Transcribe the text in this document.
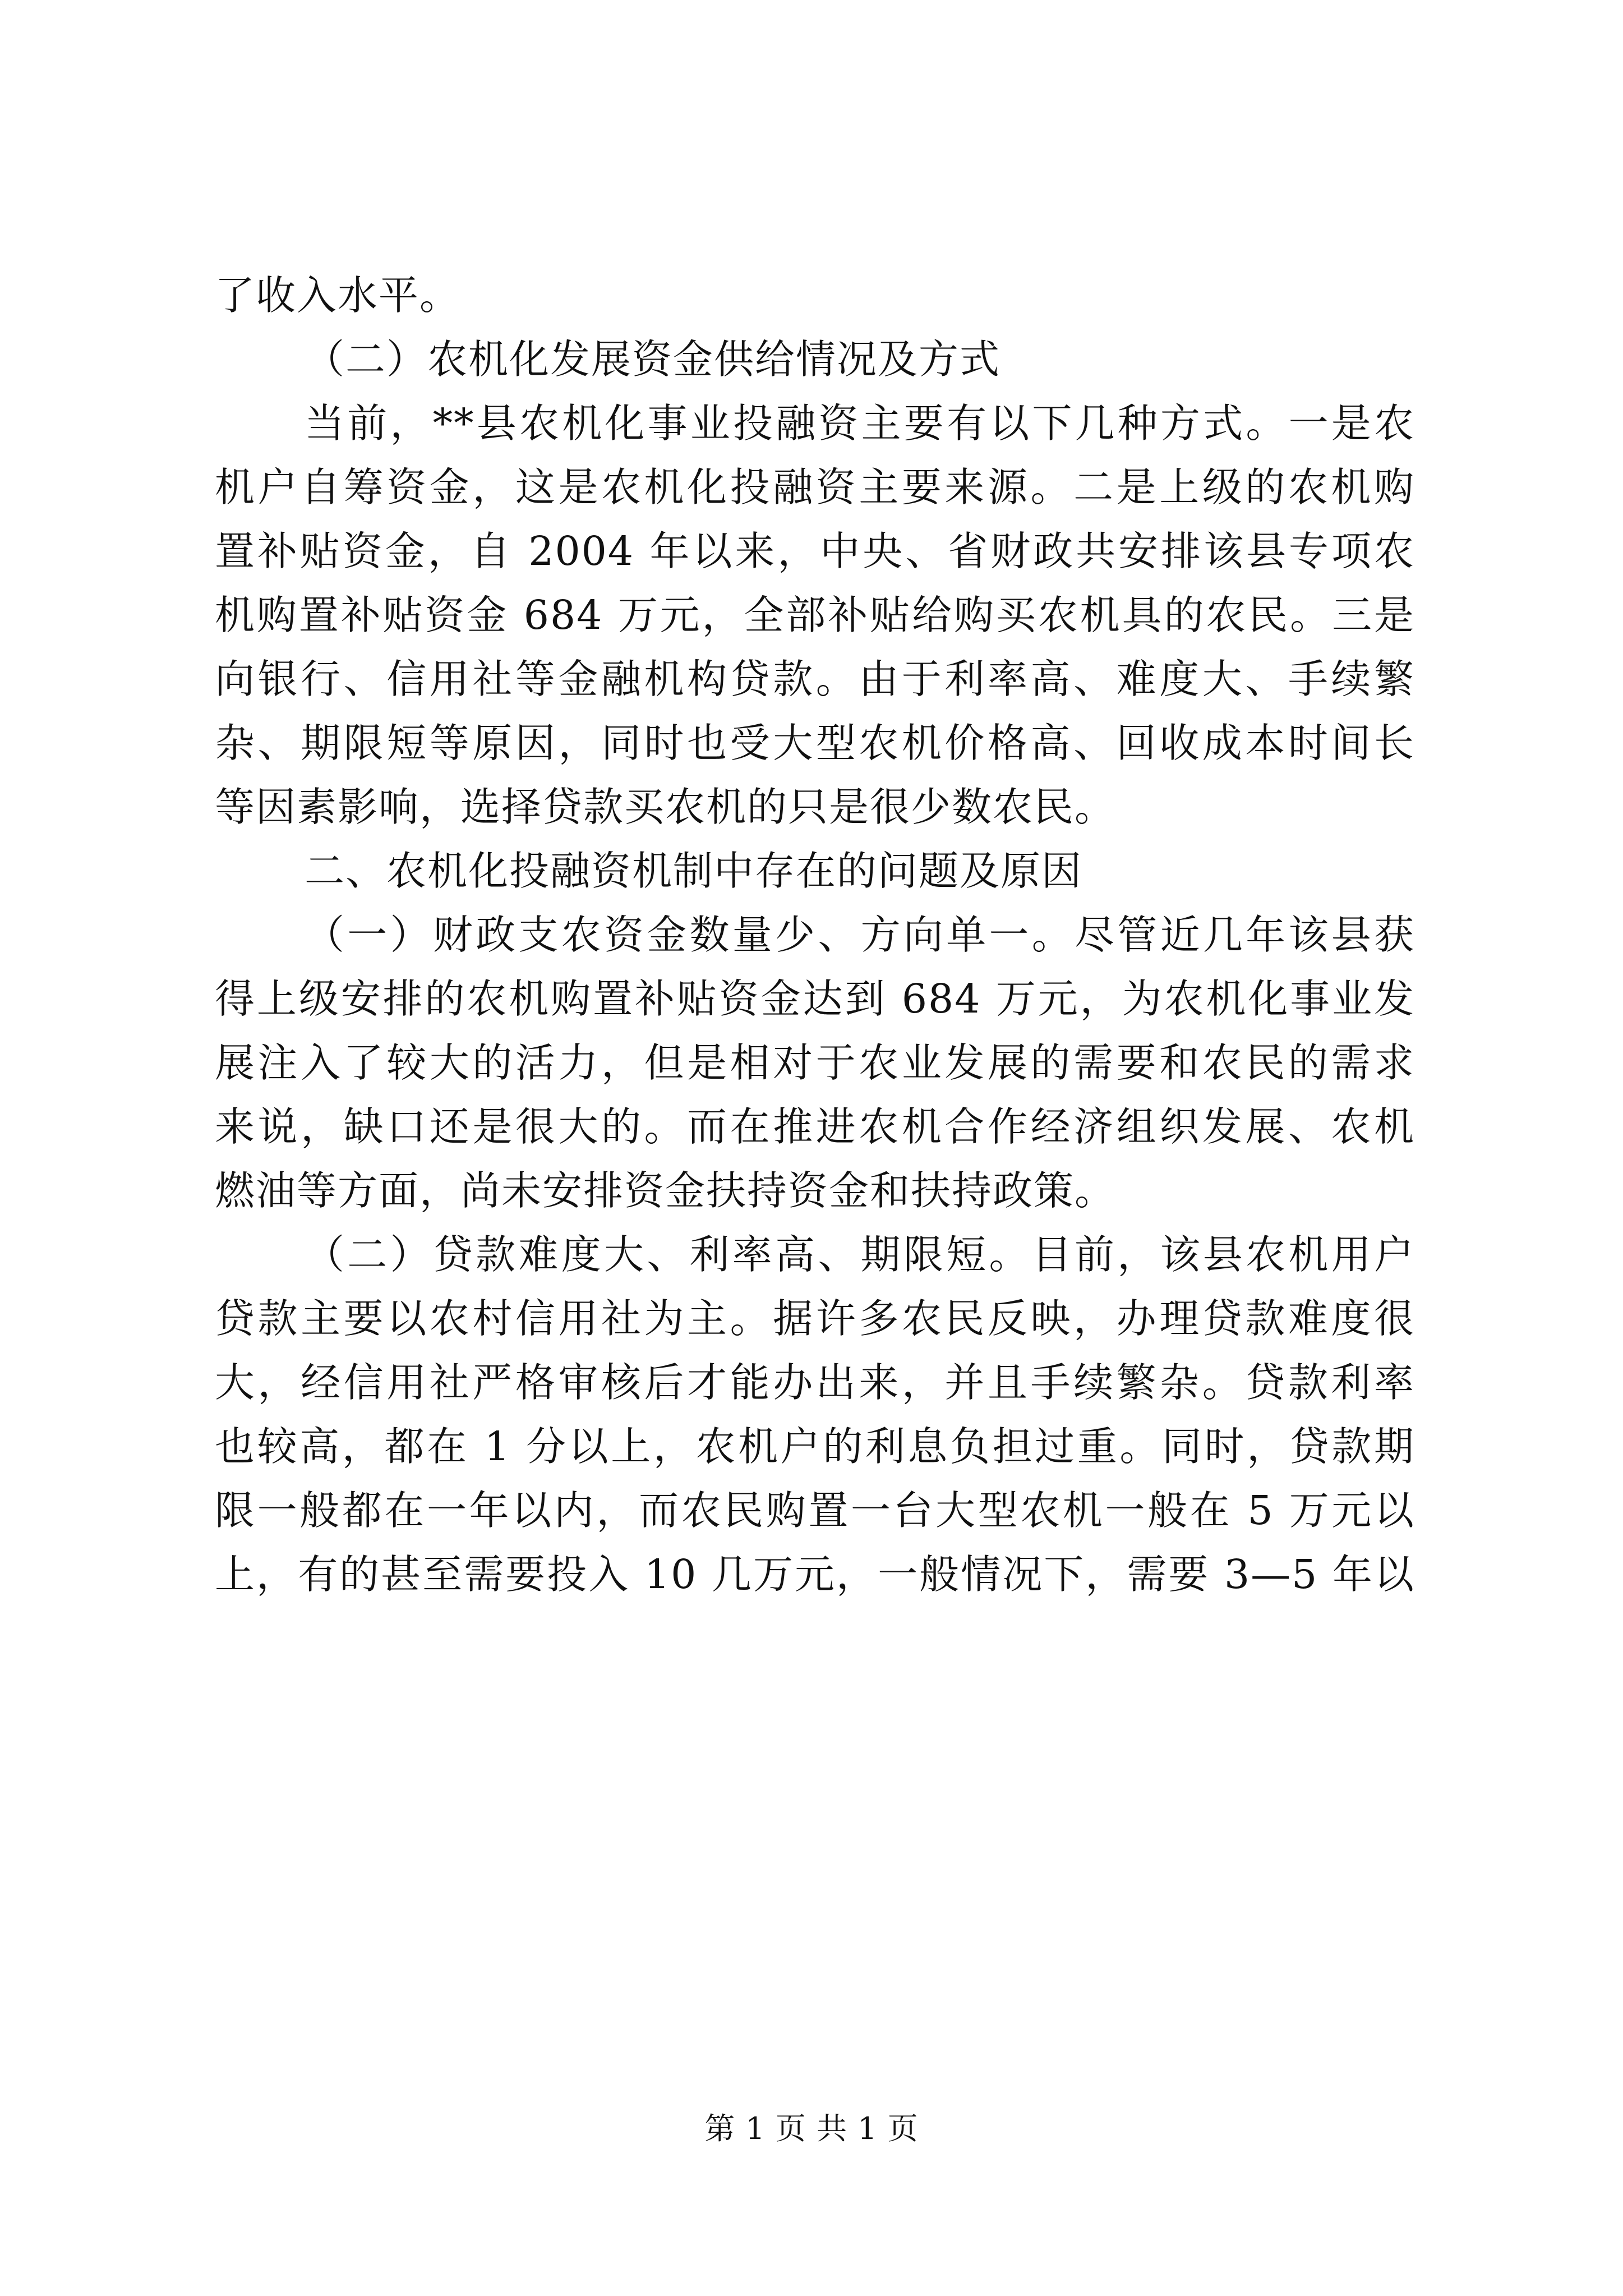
了收入水平。
（二）农机化发展资金供给情况及方式
当前，**县农机化事业投融资主要有以下几种方式。一是农
机户自筹资金，这是农机化投融资主要来源。二是上级的农机购
置补贴资金，自 2004 年以来，中央、省财政共安排该县专项农
机购置补贴资金 684 万元，全部补贴给购买农机具的农民。三是
向银行、信用社等金融机构贷款。由于利率高、难度大、手续繁
杂、期限短等原因，同时也受大型农机价格高、回收成本时间长
等因素影响，选择贷款买农机的只是很少数农民。
二、农机化投融资机制中存在的问题及原因
（一）财政支农资金数量少、方向单一。尽管近几年该县获
得上级安排的农机购置补贴资金达到 684 万元，为农机化事业发
展注入了较大的活力，但是相对于农业发展的需要和农民的需求
来说，缺口还是很大的。而在推进农机合作经济组织发展、农机
燃油等方面，尚未安排资金扶持资金和扶持政策。
（二）贷款难度大、利率高、期限短。目前，该县农机用户
贷款主要以农村信用社为主。据许多农民反映，办理贷款难度很
大，经信用社严格审核后才能办出来，并且手续繁杂。贷款利率
也较高，都在 1 分以上，农机户的利息负担过重。同时，贷款期
限一般都在一年以内，而农民购置一台大型农机一般在 5 万元以
上，有的甚至需要投入 10 几万元，一般情况下，需要 3—5 年以
第 1 页 共 1 页
